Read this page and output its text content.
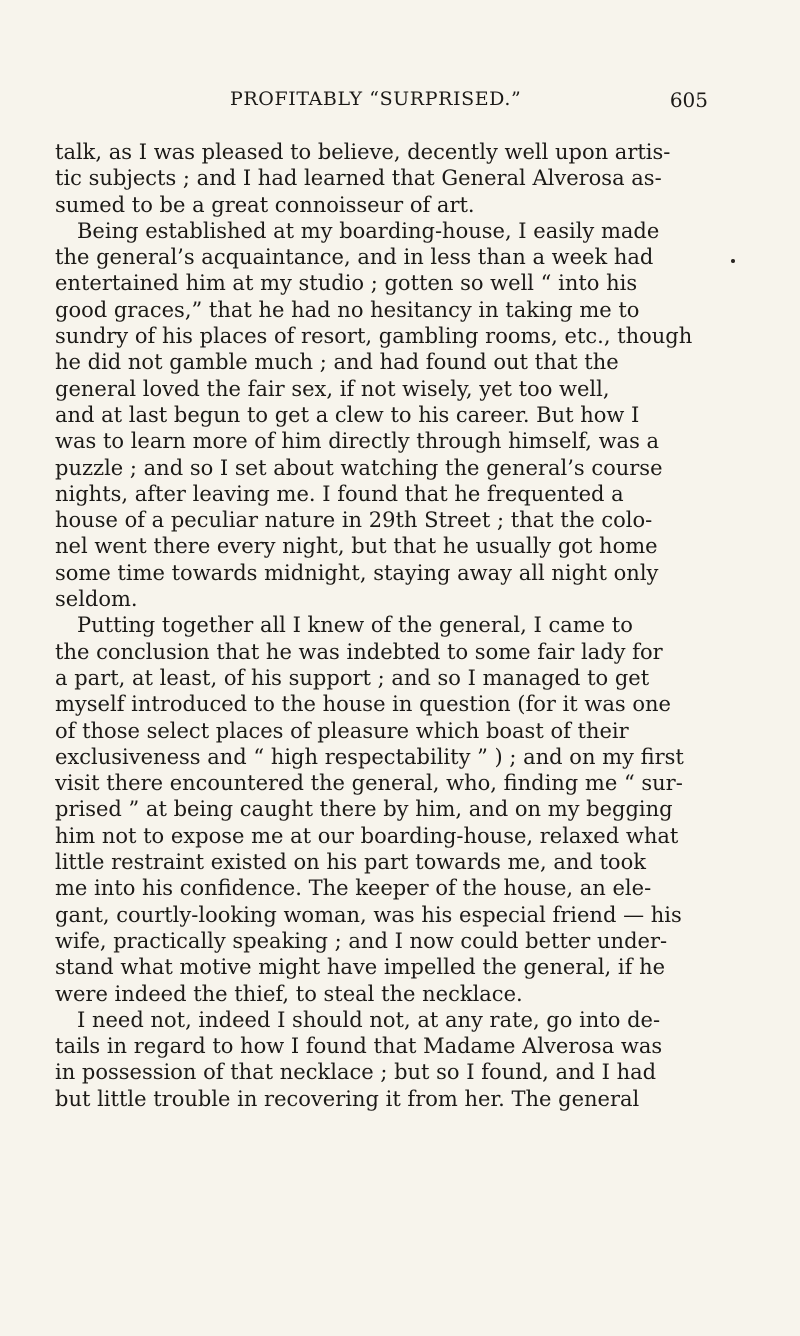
PROFITABLY “SURPRISED.”	605
talk, as I was pleased to believe, decently well upon artis-
tic subjects ; and I had learned that General Alverosa as-
sumed to be a great connoisseur of art.
Being established at my boarding-house, I easily made
the general’s acquaintance, and in less than a week had
entertained him at my studio ; gotten so well “ into his
good graces,” that he had no hesitancy in taking me to
sundry of his places of resort, gambling rooms, etc., though
he did not gamble much ; and had found out that the
general loved the fair sex, if not wisely, yet too well,
and at last begun to get a clew to his career. But how I
was to learn more of him directly through himself, was a
puzzle ; and so I set about watching the general’s course
nights, after leaving me. I found that he frequented a
house of a peculiar nature in 29th Street ; that the colo-
nel went there every night, but that he usually got home
some time towards midnight, staying away all night only
seldom.
Putting together all I knew of the general, I came to
the conclusion that he was indebted to some fair lady for
a part, at least, of his support ; and so I managed to get
myself introduced to the house in question (for it was one
of those select places of pleasure which boast of their
exclusiveness and “ high respectability ” ) ; and on my first
visit there encountered the general, who, finding me “ sur-
prised ” at being caught there by him, and on my begging
him not to expose me at our boarding-house, relaxed what
little restraint existed on his part towards me, and took
me into his confidence. The keeper of the house, an ele-
gant, courtly-looking woman, was his especial friend — his
wife, practically speaking ; and I now could better under-
stand what motive might have impelled the general, if he
were indeed the thief, to steal the necklace.
I need not, indeed I should not, at any rate, go into de-
tails in regard to how I found that Madame Alverosa was
in possession of that necklace ; but so I found, and I had
but little trouble in recovering it from her. The general
